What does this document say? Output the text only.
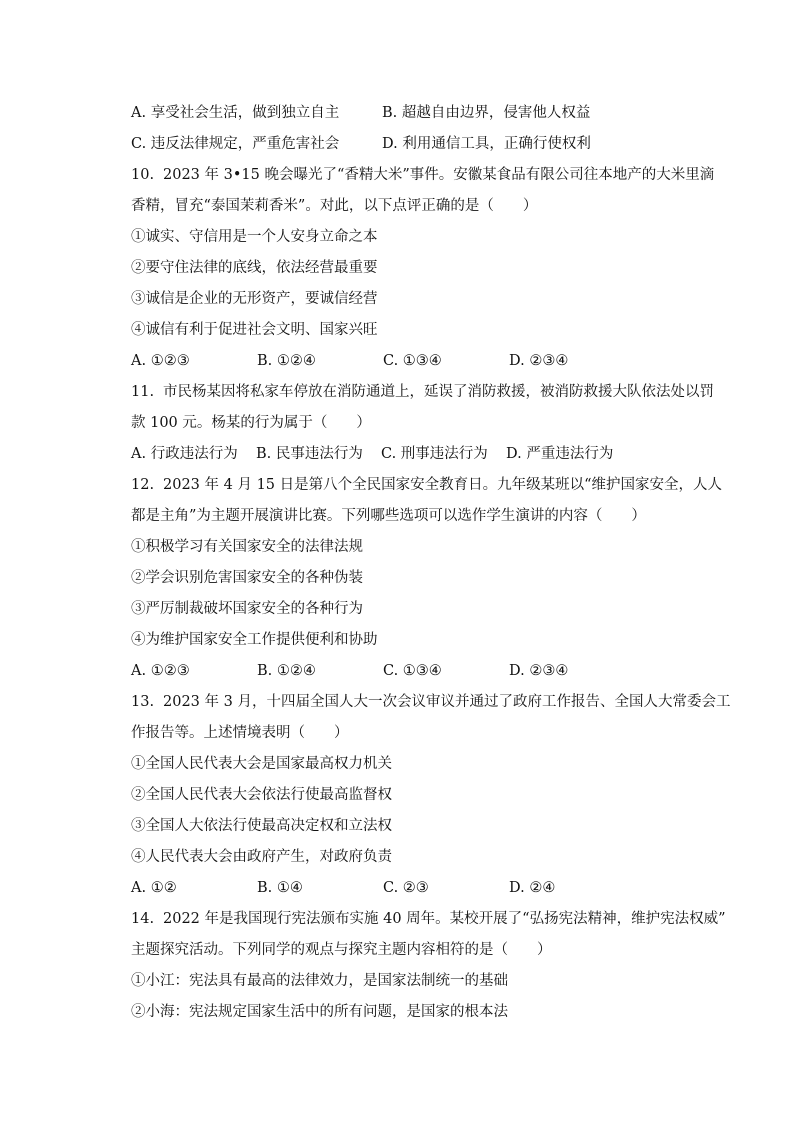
A. 享受社会生活，做到独立自主	B. 超越自由边界，侵害他人权益
C. 违反法律规定，严重危害社会	D. 利用通信工具，正确行使权利
10. 2023 年 3•15 晚会曝光了“香精大米”事件。安徽某食品有限公司往本地产的大米里滴
香精，冒充“泰国茉莉香米”。对此，以下点评正确的是（　　）
①诚实、守信用是一个人安身立命之本
②要守住法律的底线，依法经营最重要
③诚信是企业的无形资产，要诚信经营
④诚信有利于促进社会文明、国家兴旺
A. ①②③	B. ①②④	C. ①③④	D. ②③④
11. 市民杨某因将私家车停放在消防通道上，延误了消防救援，被消防救援大队依法处以罚
款 100 元。杨某的行为属于（　　）
A. 行政违法行为	B. 民事违法行为	C. 刑事违法行为	D. 严重违法行为
12. 2023 年 4 月 15 日是第八个全民国家安全教育日。九年级某班以“维护国家安全，人人
都是主角”为主题开展演讲比赛。下列哪些选项可以选作学生演讲的内容（　　）
①积极学习有关国家安全的法律法规
②学会识别危害国家安全的各种伪装
③严厉制裁破坏国家安全的各种行为
④为维护国家安全工作提供便利和协助
A. ①②③	B. ①②④	C. ①③④	D. ②③④
13. 2023 年 3 月，十四届全国人大一次会议审议并通过了政府工作报告、全国人大常委会工
作报告等。上述情境表明（　　）
①全国人民代表大会是国家最高权力机关
②全国人民代表大会依法行使最高监督权
③全国人大依法行使最高决定权和立法权
④人民代表大会由政府产生，对政府负责
A. ①②	B. ①④	C. ②③	D. ②④
14. 2022 年是我国现行宪法颁布实施 40 周年。某校开展了“弘扬宪法精神，维护宪法权威”
主题探究活动。下列同学的观点与探究主题内容相符的是（　　）
①小江：宪法具有最高的法律效力，是国家法制统一的基础
②小海：宪法规定国家生活中的所有问题，是国家的根本法
